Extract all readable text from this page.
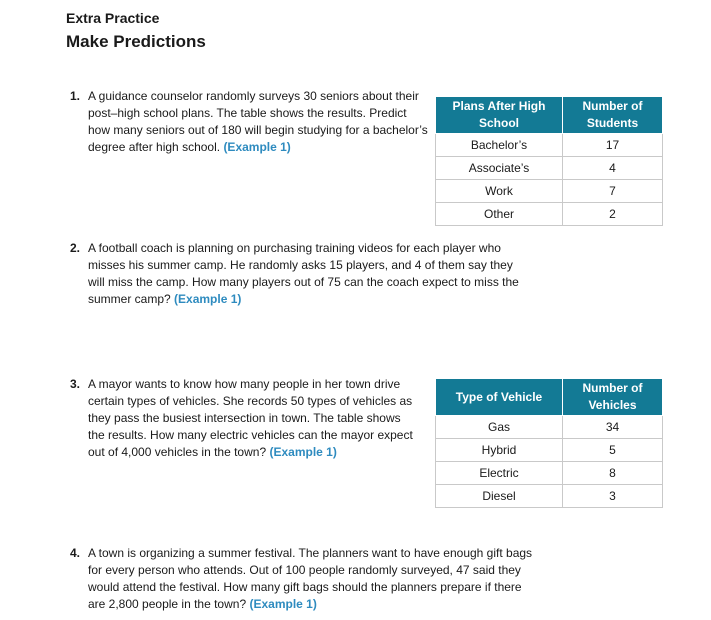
Extra Practice
Make Predictions
1. A guidance counselor randomly surveys 30 seniors about their post–high school plans. The table shows the results. Predict how many seniors out of 180 will begin studying for a bachelor’s degree after high school. (Example 1)
Plans After High School	Number of Students
Bachelor’s	17
Associate’s	4
Work	7
Other	2
2. A football coach is planning on purchasing training videos for each player who misses his summer camp. He randomly asks 15 players, and 4 of them say they will miss the camp. How many players out of 75 can the coach expect to miss the summer camp? (Example 1)
3. A mayor wants to know how many people in her town drive certain types of vehicles. She records 50 types of vehicles as they pass the busiest intersection in town. The table shows the results. How many electric vehicles can the mayor expect out of 4,000 vehicles in the town? (Example 1)
Type of Vehicle	Number of Vehicles
Gas	34
Hybrid	5
Electric	8
Diesel	3
4. A town is organizing a summer festival. The planners want to have enough gift bags for every person who attends. Out of 100 people randomly surveyed, 47 said they would attend the festival. How many gift bags should the planners prepare if there are 2,800 people in the town? (Example 1)
